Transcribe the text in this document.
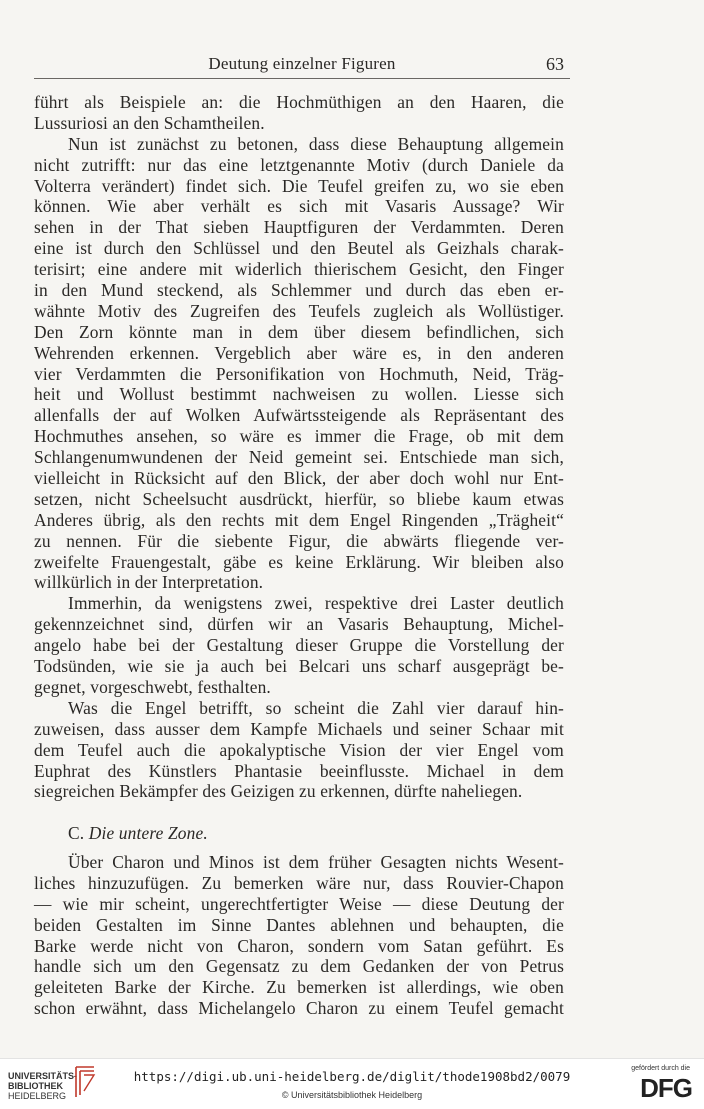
Deutung einzelner Figuren	63
führt als Beispiele an: die Hochmüthigen an den Haaren, die
Lussuriosi an den Schamtheilen.
Nun ist zunächst zu betonen, dass diese Behauptung allgemein
nicht zutrifft: nur das eine letztgenannte Motiv (durch Daniele da
Volterra verändert) findet sich. Die Teufel greifen zu, wo sie eben
können. Wie aber verhält es sich mit Vasaris Aussage? Wir
sehen in der That sieben Hauptfiguren der Verdammten. Deren
eine ist durch den Schlüssel und den Beutel als Geizhals charak-
terisirt; eine andere mit widerlich thierischem Gesicht, den Finger
in den Mund steckend, als Schlemmer und durch das eben er-
wähnte Motiv des Zugreifen des Teufels zugleich als Wollüstiger.
Den Zorn könnte man in dem über diesem befindlichen, sich
Wehrenden erkennen. Vergeblich aber wäre es, in den anderen
vier Verdammten die Personifikation von Hochmuth, Neid, Träg-
heit und Wollust bestimmt nachweisen zu wollen. Liesse sich
allenfalls der auf Wolken Aufwärtssteigende als Repräsentant des
Hochmuthes ansehen, so wäre es immer die Frage, ob mit dem
Schlangenumwundenen der Neid gemeint sei. Entschiede man sich,
vielleicht in Rücksicht auf den Blick, der aber doch wohl nur Ent-
setzen, nicht Scheelsucht ausdrückt, hierfür, so bliebe kaum etwas
Anderes übrig, als den rechts mit dem Engel Ringenden „Trägheit“
zu nennen. Für die siebente Figur, die abwärts fliegende ver-
zweifelte Frauengestalt, gäbe es keine Erklärung. Wir bleiben also
willkürlich in der Interpretation.
Immerhin, da wenigstens zwei, respektive drei Laster deutlich
gekennzeichnet sind, dürfen wir an Vasaris Behauptung, Michel-
angelo habe bei der Gestaltung dieser Gruppe die Vorstellung der
Todsünden, wie sie ja auch bei Belcari uns scharf ausgeprägt be-
gegnet, vorgeschwebt, festhalten.
Was die Engel betrifft, so scheint die Zahl vier darauf hin-
zuweisen, dass ausser dem Kampfe Michaels und seiner Schaar mit
dem Teufel auch die apokalyptische Vision der vier Engel vom
Euphrat des Künstlers Phantasie beeinflusste. Michael in dem
siegreichen Bekämpfer des Geizigen zu erkennen, dürfte naheliegen.
C. Die untere Zone.
Über Charon und Minos ist dem früher Gesagten nichts Wesent-
liches hinzuzufügen. Zu bemerken wäre nur, dass Rouvier-Chapon
— wie mir scheint, ungerechtfertigter Weise — diese Deutung der
beiden Gestalten im Sinne Dantes ablehnen und behaupten, die
Barke werde nicht von Charon, sondern vom Satan geführt. Es
handle sich um den Gegensatz zu dem Gedanken der von Petrus
geleiteten Barke der Kirche. Zu bemerken ist allerdings, wie oben
schon erwähnt, dass Michelangelo Charon zu einem Teufel gemacht
UNIVERSITÄTS-
BIBLIOTHEK
HEIDELBERG
https://digi.ub.uni-heidelberg.de/diglit/thode1908bd2/0079
© Universitätsbibliothek Heidelberg
gefördert durch die
DFG
